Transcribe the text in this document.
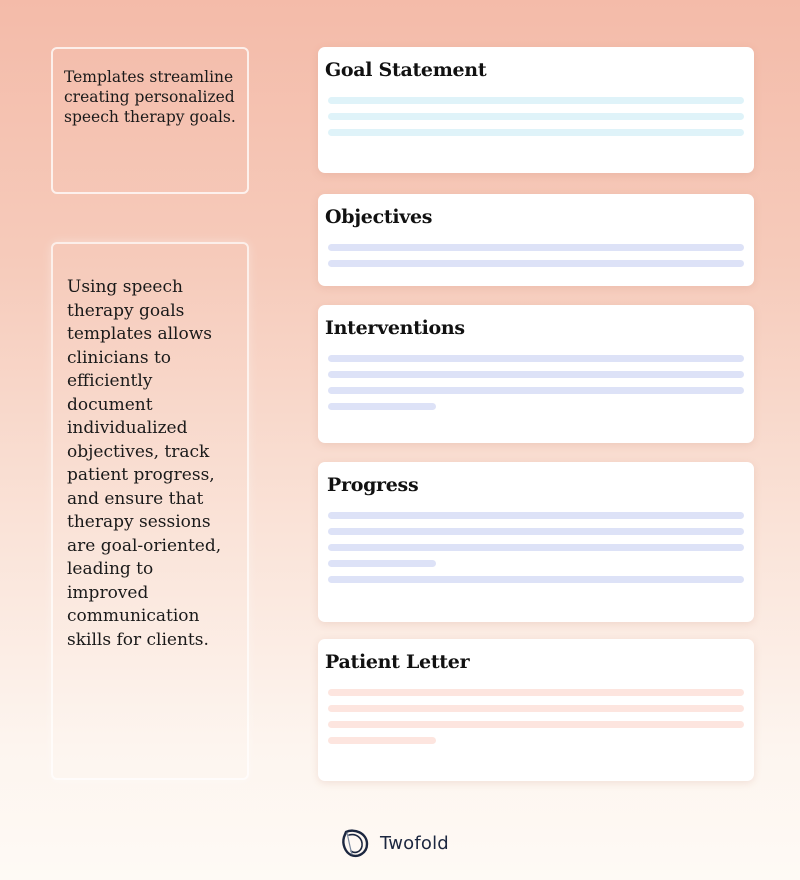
Templates streamline creating personalized speech therapy goals.
Using speech therapy goals templates allows clinicians to efficiently document individualized objectives, track patient progress, and ensure that therapy sessions are goal-oriented, leading to improved communication skills for clients.
Goal Statement
Objectives
Interventions
Progress
Patient Letter
Twofold
